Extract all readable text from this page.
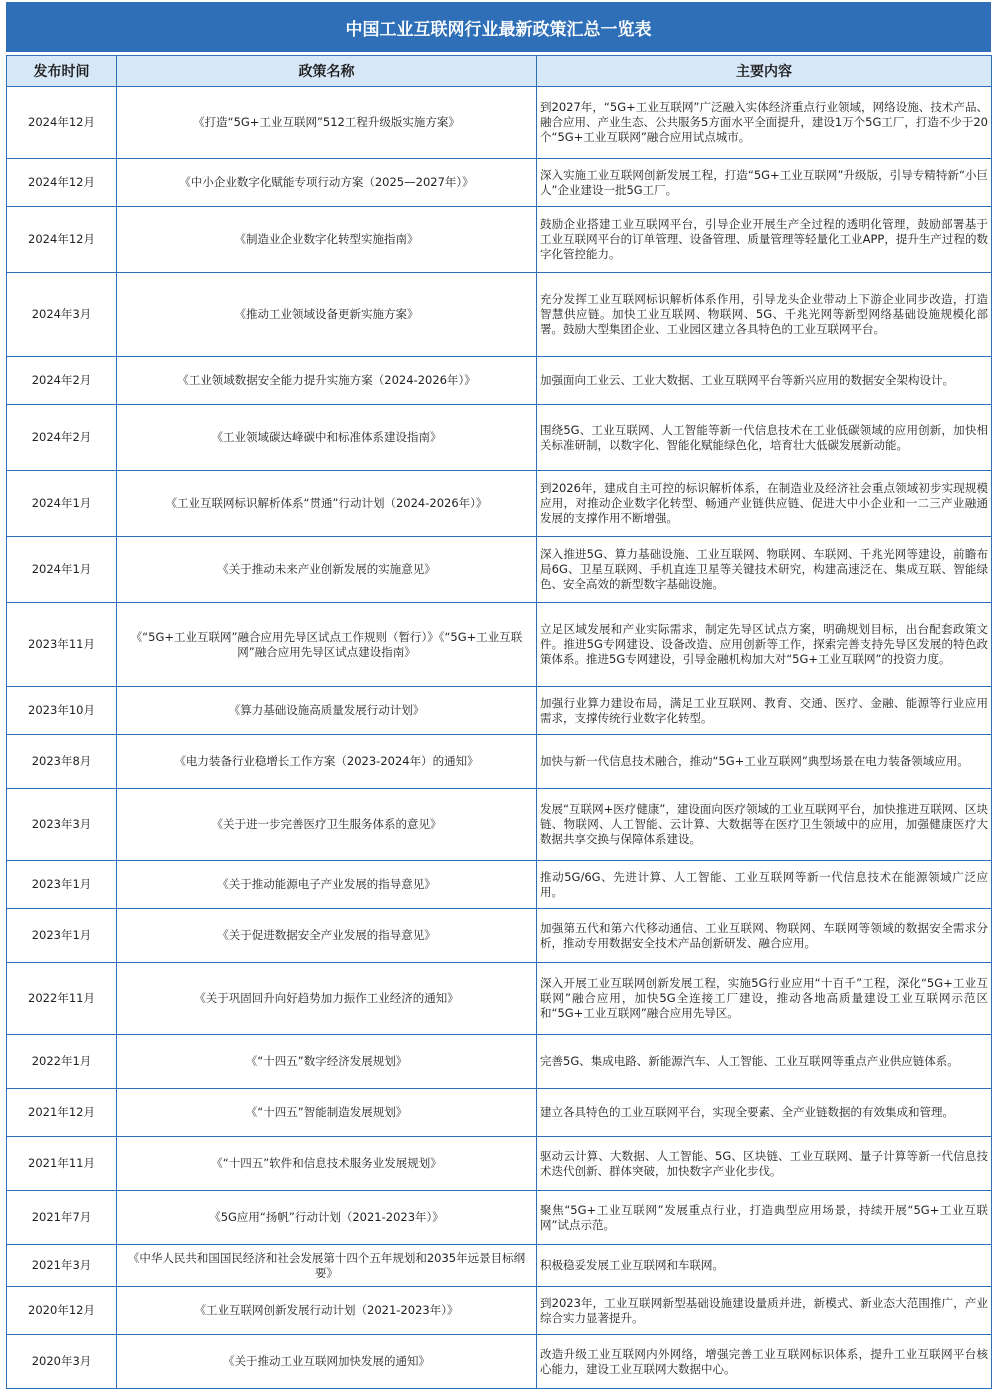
中国工业互联网行业最新政策汇总一览表
发布时间	政策名称	主要内容
2024年12月	《打造“5G+工业互联网”512工程升级版实施方案》	到2027年，“5G+工业互联网”广泛融入实体经济重点行业领域，网络设施、技术产品、融合应用、产业生态、公共服务5方面水平全面提升，建设1万个5G工厂，打造不少于20个“5G+工业互联网”融合应用试点城市。
2024年12月	《中小企业数字化赋能专项行动方案（2025—2027年）》	深入实施工业互联网创新发展工程，打造“5G+工业互联网”升级版，引导专精特新“小巨人”企业建设一批5G工厂。
2024年12月	《制造业企业数字化转型实施指南》	鼓励企业搭建工业互联网平台，引导企业开展生产全过程的透明化管理，鼓励部署基于工业互联网平台的订单管理、设备管理、质量管理等轻量化工业APP，提升生产过程的数字化管控能力。
2024年3月	《推动工业领域设备更新实施方案》	充分发挥工业互联网标识解析体系作用，引导龙头企业带动上下游企业同步改造，打造智慧供应链。加快工业互联网、物联网、5G、千兆光网等新型网络基础设施规模化部署。鼓励大型集团企业、工业园区建立各具特色的工业互联网平台。
2024年2月	《工业领域数据安全能力提升实施方案（2024-2026年）》	加强面向工业云、工业大数据、工业互联网平台等新兴应用的数据安全架构设计。
2024年2月	《工业领域碳达峰碳中和标准体系建设指南》	围绕5G、工业互联网、人工智能等新一代信息技术在工业低碳领域的应用创新，加快相关标准研制，以数字化、智能化赋能绿色化，培育壮大低碳发展新动能。
2024年1月	《工业互联网标识解析体系“贯通”行动计划（2024-2026年）》	到2026年，建成自主可控的标识解析体系，在制造业及经济社会重点领域初步实现规模应用，对推动企业数字化转型、畅通产业链供应链、促进大中小企业和一二三产业融通发展的支撑作用不断增强。
2024年1月	《关于推动未来产业创新发展的实施意见》	深入推进5G、算力基础设施、工业互联网、物联网、车联网、千兆光网等建设，前瞻布局6G、卫星互联网、手机直连卫星等关键技术研究，构建高速泛在、集成互联、智能绿色、安全高效的新型数字基础设施。
2023年11月	《“5G+工业互联网”融合应用先导区试点工作规则（暂行）》《“5G+工业互联网”融合应用先导区试点建设指南》	立足区域发展和产业实际需求，制定先导区试点方案，明确规划目标，出台配套政策文件。推进5G专网建设、设备改造、应用创新等工作，探索完善支持先导区发展的特色政策体系。推进5G专网建设，引导金融机构加大对“5G+工业互联网”的投资力度。
2023年10月	《算力基础设施高质量发展行动计划》	加强行业算力建设布局，满足工业互联网、教育、交通、医疗、金融、能源等行业应用需求，支撑传统行业数字化转型。
2023年8月	《电力装备行业稳增长工作方案（2023-2024年）的通知》	加快与新一代信息技术融合，推动“5G+工业互联网”典型场景在电力装备领域应用。
2023年3月	《关于进一步完善医疗卫生服务体系的意见》	发展“互联网+医疗健康”，建设面向医疗领域的工业互联网平台，加快推进互联网、区块链、物联网、人工智能、云计算、大数据等在医疗卫生领域中的应用，加强健康医疗大数据共享交换与保障体系建设。
2023年1月	《关于推动能源电子产业发展的指导意见》	推动5G/6G、先进计算、人工智能、工业互联网等新一代信息技术在能源领域广泛应用。
2023年1月	《关于促进数据安全产业发展的指导意见》	加强第五代和第六代移动通信、工业互联网、物联网、车联网等领域的数据安全需求分析，推动专用数据安全技术产品创新研发、融合应用。
2022年11月	《关于巩固回升向好趋势加力振作工业经济的通知》	深入开展工业互联网创新发展工程，实施5G行业应用“十百千”工程，深化“5G+工业互联网”融合应用，加快5G全连接工厂建设，推动各地高质量建设工业互联网示范区和“5G+工业互联网”融合应用先导区。
2022年1月	《“十四五”数字经济发展规划》	完善5G、集成电路、新能源汽车、人工智能、工业互联网等重点产业供应链体系。
2021年12月	《“十四五”智能制造发展规划》	建立各具特色的工业互联网平台，实现全要素、全产业链数据的有效集成和管理。
2021年11月	《“十四五”软件和信息技术服务业发展规划》	驱动云计算、大数据、人工智能、5G、区块链、工业互联网、量子计算等新一代信息技术迭代创新、群体突破，加快数字产业化步伐。
2021年7月	《5G应用“扬帆”行动计划（2021-2023年）》	聚焦“5G+工业互联网”发展重点行业，打造典型应用场景，持续开展“5G+工业互联网”试点示范。
2021年3月	《中华人民共和国国民经济和社会发展第十四个五年规划和2035年远景目标纲要》	积极稳妥发展工业互联网和车联网。
2020年12月	《工业互联网创新发展行动计划（2021-2023年）》	到2023年，工业互联网新型基础设施建设量质并进，新模式、新业态大范围推广，产业综合实力显著提升。
2020年3月	《关于推动工业互联网加快发展的通知》	改造升级工业互联网内外网络，增强完善工业互联网标识体系，提升工业互联网平台核心能力，建设工业互联网大数据中心。
